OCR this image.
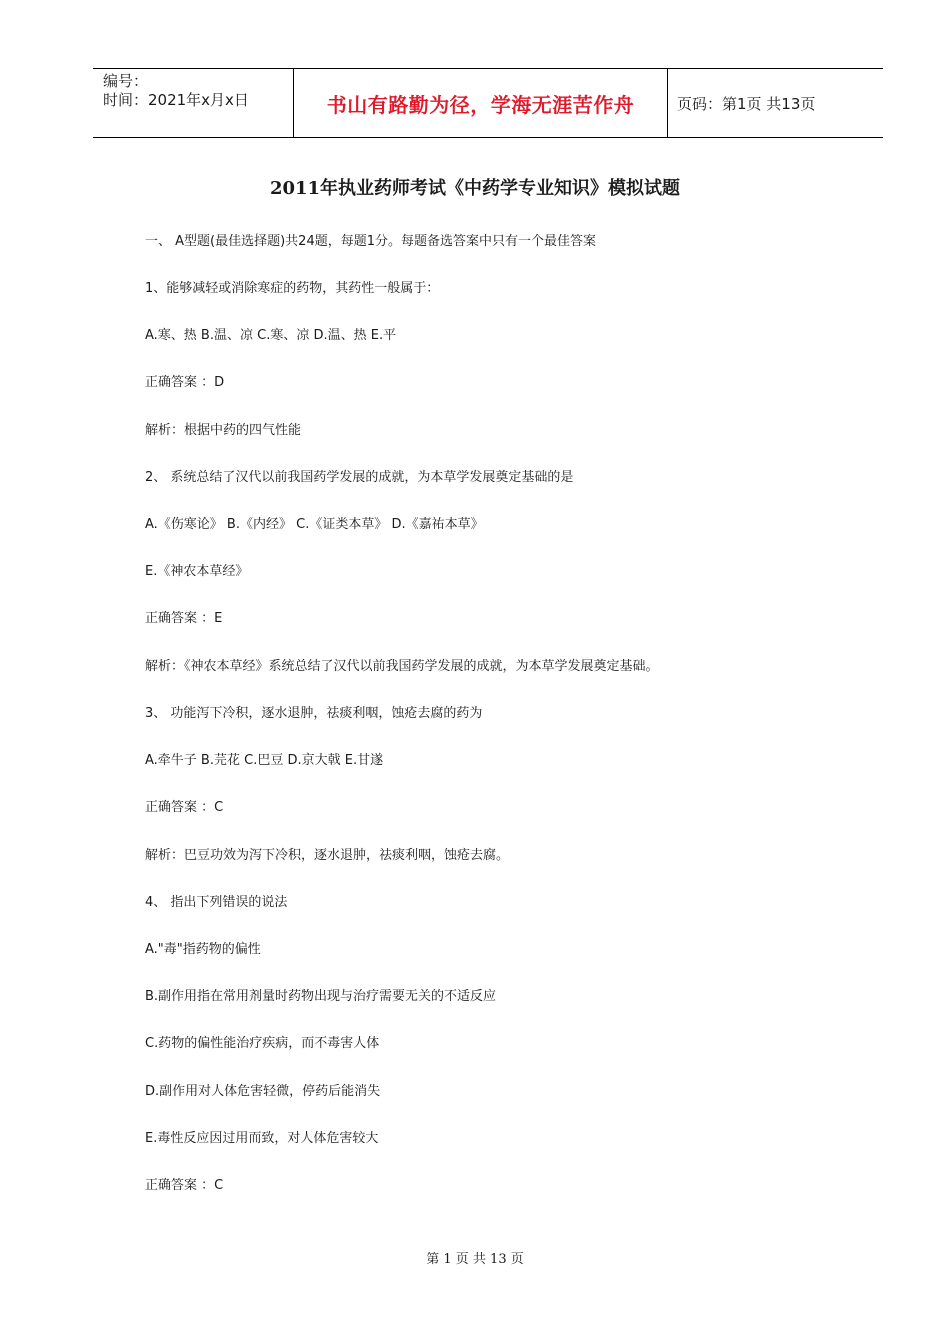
编号：
时间：2021年x月x日	书山有路勤为径，学海无涯苦作舟	页码：第1页 共13页
2011年执业药师考试《中药学专业知识》模拟试题
一、 A型题(最佳选择题)共24题，每题1分。每题备选答案中只有一个最佳答案
1、能够减轻或消除寒症的药物，其药性一般属于：
A.寒、热 B.温、凉 C.寒、凉 D.温、热 E.平
正确答案 ：D
解析：根据中药的四气性能
2、 系统总结了汉代以前我国药学发展的成就，为本草学发展奠定基础的是
A.《伤寒论》 B.《内经》 C.《证类本草》 D.《嘉祐本草》
E.《神农本草经》
正确答案 ：E
解析：《神农本草经》系统总结了汉代以前我国药学发展的成就，为本草学发展奠定基础。
3、 功能泻下冷积，逐水退肿，祛痰利咽，蚀疮去腐的药为
A.牵牛子 B.芫花 C.巴豆 D.京大戟 E.甘遂
正确答案 ：C
解析：巴豆功效为泻下冷积，逐水退肿，祛痰利咽，蚀疮去腐。
4、 指出下列错误的说法
A."毒"指药物的偏性
B.副作用指在常用剂量时药物出现与治疗需要无关的不适反应
C.药物的偏性能治疗疾病，而不毒害人体
D.副作用对人体危害轻微，停药后能消失
E.毒性反应因过用而致，对人体危害较大
正确答案 ：C
第 1 页 共 13 页
